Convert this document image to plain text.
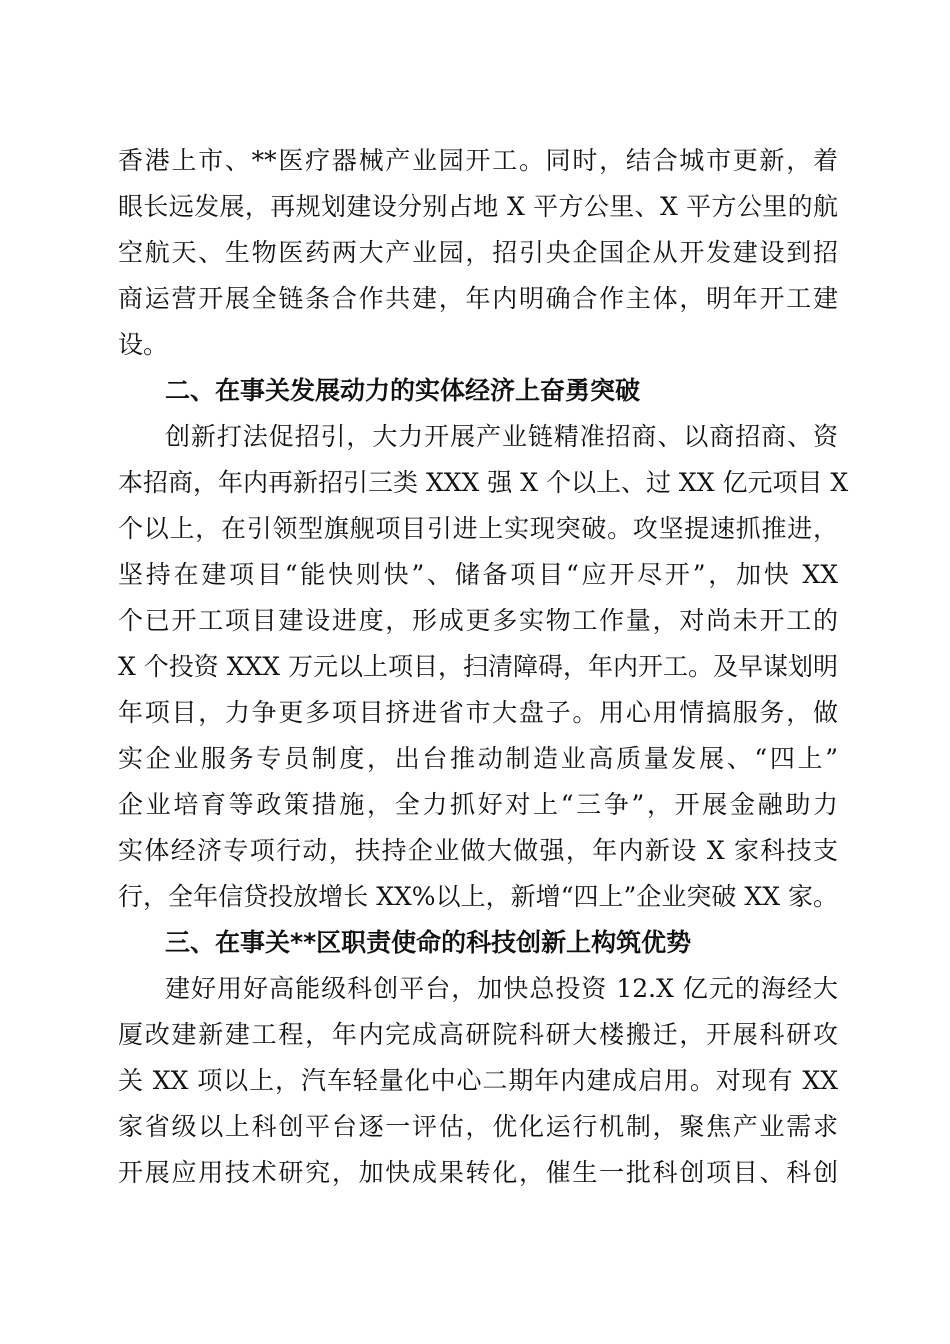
香港上市、**医疗器械产业园开工。同时，结合城市更新，着
眼长远发展，再规划建设分别占地 X 平方公里、X 平方公里的航
空航天、生物医药两大产业园，招引央企国企从开发建设到招
商运营开展全链条合作共建，年内明确合作主体，明年开工建
设。
二、在事关发展动力的实体经济上奋勇突破
创新打法促招引，大力开展产业链精准招商、以商招商、资
本招商，年内再新招引三类 XXX 强 X 个以上、过 XX 亿元项目 X
个以上，在引领型旗舰项目引进上实现突破。攻坚提速抓推进，
坚持在建项目“能快则快”、储备项目“应开尽开”，加快 XX
个已开工项目建设进度，形成更多实物工作量，对尚未开工的
X 个投资 XXX 万元以上项目，扫清障碍，年内开工。及早谋划明
年项目，力争更多项目挤进省市大盘子。用心用情搞服务，做
实企业服务专员制度，出台推动制造业高质量发展、“四上”
企业培育等政策措施，全力抓好对上“三争”，开展金融助力
实体经济专项行动，扶持企业做大做强，年内新设 X 家科技支
行，全年信贷投放增长 XX%以上，新增“四上”企业突破 XX 家。
三、在事关**区职责使命的科技创新上构筑优势
建好用好高能级科创平台，加快总投资 12.X 亿元的海经大
厦改建新建工程，年内完成高研院科研大楼搬迁，开展科研攻
关 XX 项以上，汽车轻量化中心二期年内建成启用。对现有 XX
家省级以上科创平台逐一评估，优化运行机制，聚焦产业需求
开展应用技术研究，加快成果转化，催生一批科创项目、科创
